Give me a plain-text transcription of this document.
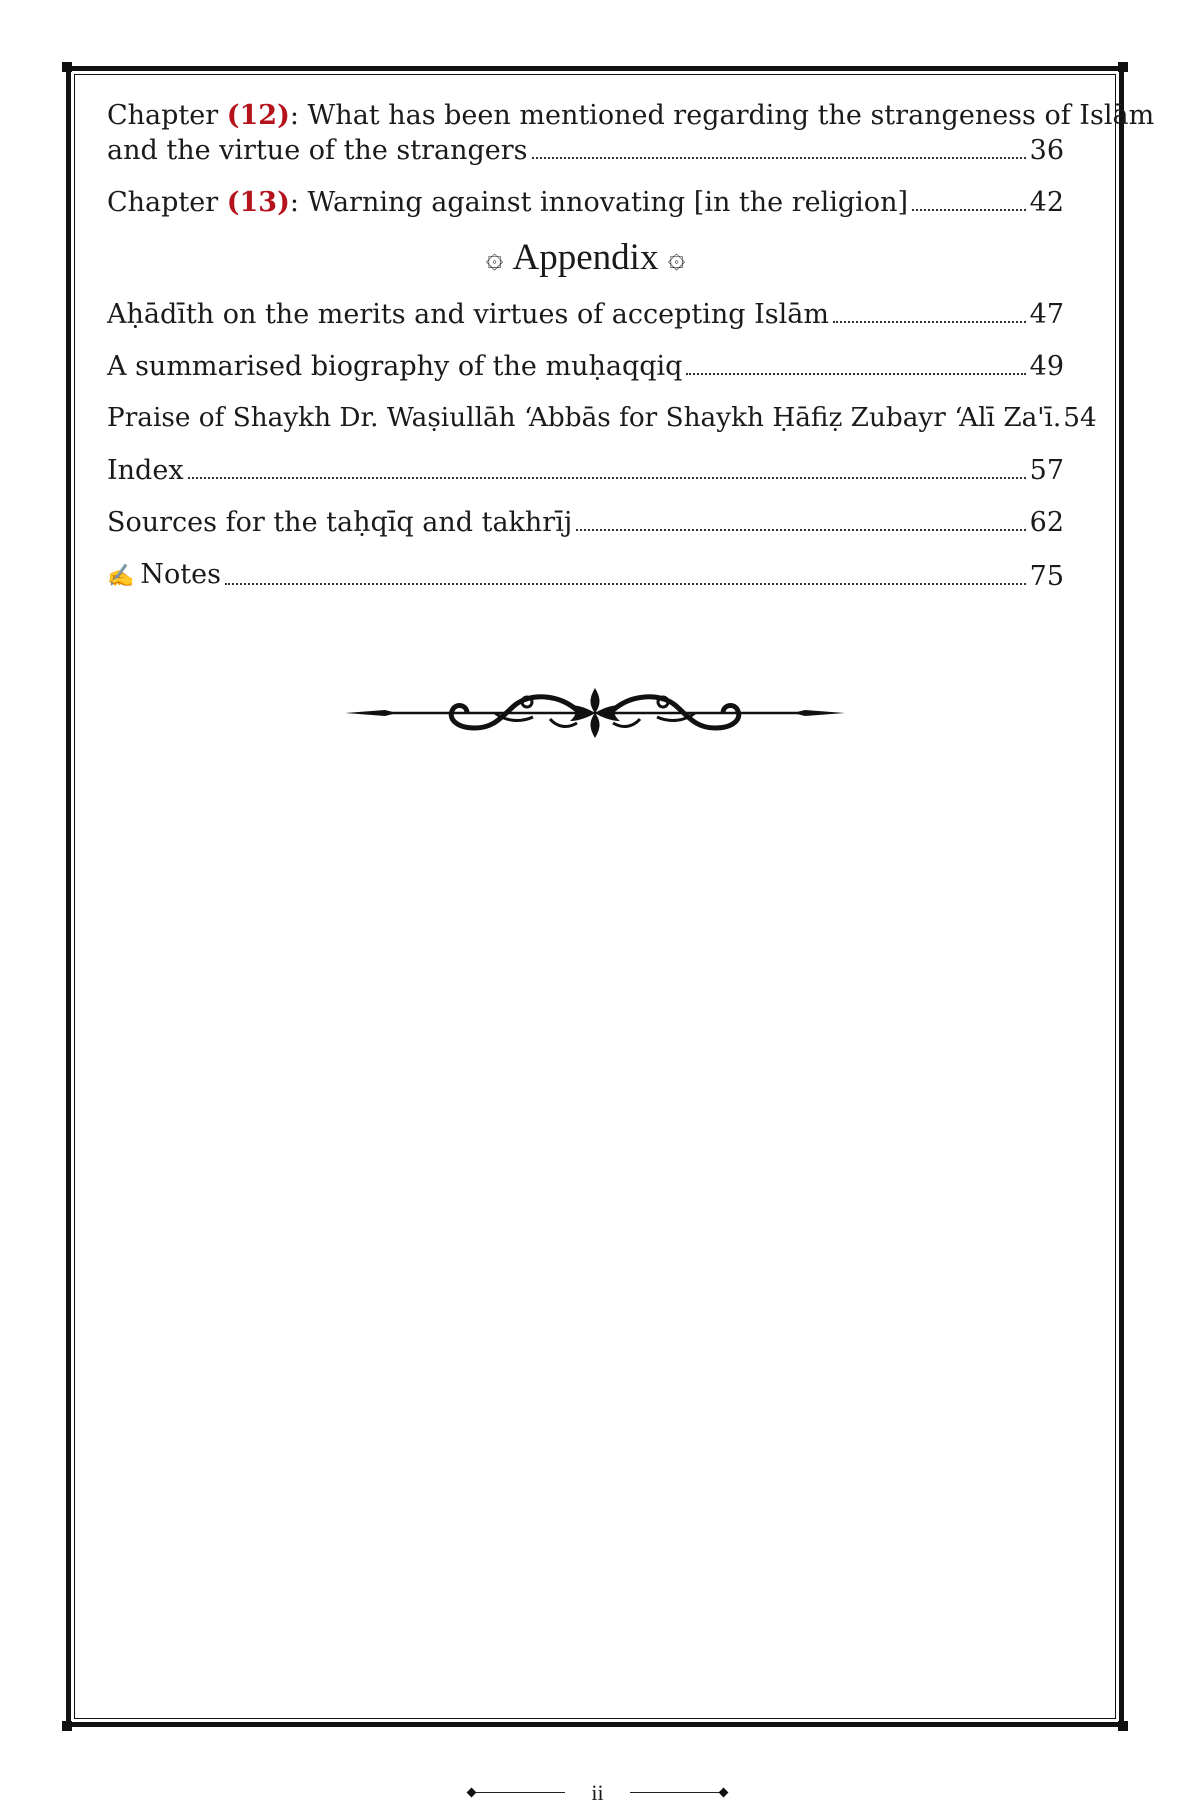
Chapter (12): What has been mentioned regarding the strangeness of Islām
and the virtue of the strangers	36
Chapter (13): Warning against innovating [in the religion]	42
۞ Appendix ۞
Aḥādīth on the merits and virtues of accepting Islām	47
A summarised biography of the muḥaqqiq	49
Praise of Shaykh Dr. Waṣiullāh ‘Abbās for Shaykh Ḥāfiẓ Zubayr ‘Alī Za'ī. 54
Index	57
Sources for the taḥqīq and takhrīj	62
✍ Notes	75
ii
